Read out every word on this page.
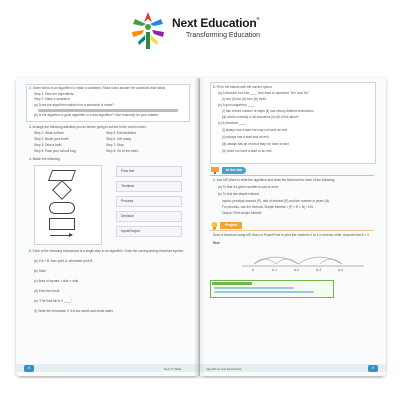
Next Education®
Transforming Education
2. Given below is an algorithm to make a sandwich. Read it and answer the questions that follow.
Step 1: Take the ingredients.
Step 2: Make a sandwich.
(a) Does the algorithm explain how a sandwich is made?
(b) Is the algorithm a good algorithm or a bad algorithm? Give reason(s) for your answer.
3. Arrange the following activities you do before going to school in the correct order.
Step 1: Wear uniform.	Step 5: Eat breakfast.
Step 2: Brush your teeth.	Step 6: Get ready.
Step 3: Take a bath.	Step 7: Stop.
Step 4: Pack your school bag.	Step 8: Go to the toilet.
4. Match the following.
Flow line
Terminal
Process
Decision
Input/Output
5. Each of the following instructions is a single step in an algorithm. Draw the corresponding flowchart symbol.
(a) If A > B, then print A, otherwise print B.
(b) Start
(c) Area of square = side × side
(d) Print the result
(e) "The final bill is ₹ ____"
(f) Taste the lemonade. If it is too sweet add some water.
6	Next IT Skills
6. Fill in the blanks with the correct option.
(a) A decision box has ____ flow lines to represent 'Yes' and 'No'.
(i) one (ii) two (iii) four (iv) three
(b) A good algorithm ____.
(i) has a fixed number of steps (ii) has clearly defined instructions
(iii) works correctly in all scenarios (iv) All of the above
(c) A flowchart ____.
(i) always has a start but may not have an end
(ii) always has a start and an end
(iii) always has an end but may not have a start
(iv) does not have a start or an end
In the lab
1. Use MS Word to write the algorithm and draw the flowchart for each of the following.
(a) To find if a given number is odd or even
(b) To find the simple interest
Inputs: principal amount (P), rate of interest (R) and the number of years (N).
For process, use the formula, Simple interest = (P × R × N) / 100.
Output: Print simple interest
Project
Draw a flowchart using MS Word or PowerPoint to print the numbers 0 to 4 in reverse order. Assume that A = 4.
Hint:
A	A-1	A-2	A-3	A-4
Algorithms and Flowcharts	9
